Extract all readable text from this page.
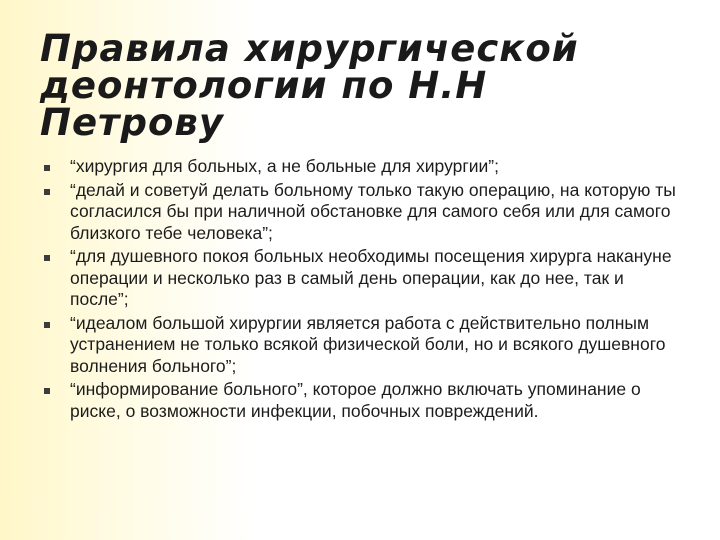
Правила хирургической деонтологии по Н.Н Петрову
“хирургия для больных, а не больные для хирургии”;
“делай и советуй делать больному только такую операцию, на которую ты согласился бы при наличной обстановке для самого себя или для самого близкого тебе человека”;
“для душевного покоя больных необходимы посещения хирурга накануне операции и несколько раз в самый день операции, как до нее, так и после”;
“идеалом большой хирургии является работа с действительно полным устранением не только всякой физической боли, но и всякого душевного волнения больного”;
“информирование больного”, которое должно включать упоминание о риске, о возможности инфекции, побочных повреждений.
